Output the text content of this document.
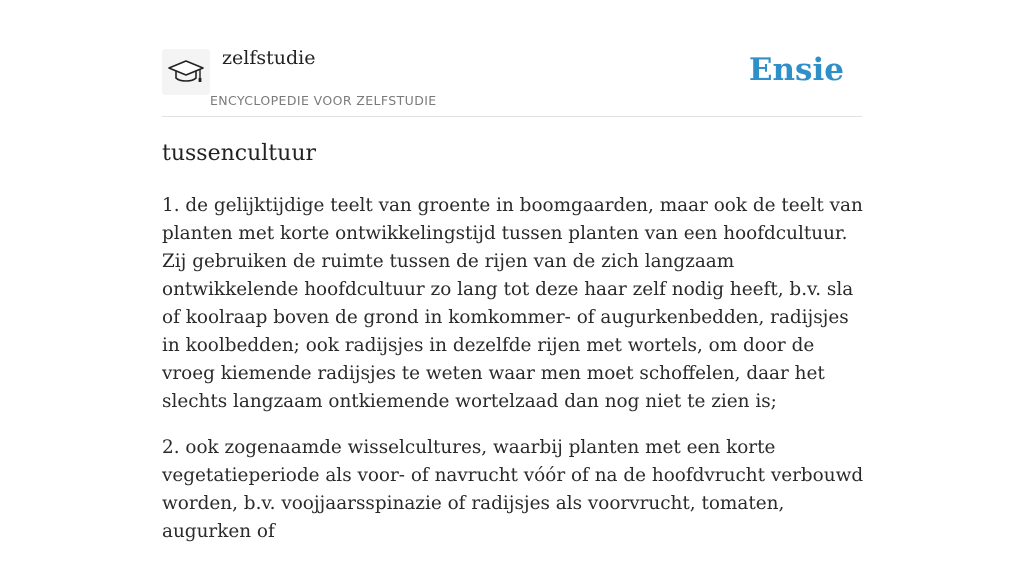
zelfstudie
ENCYCLOPEDIE VOOR ZELFSTUDIE
Ensie
tussencultuur

1. de gelijktijdige teelt van groente in boomgaarden, maar ook de teelt van planten met korte ontwikkelingstijd tussen planten van een hoofdcultuur. Zij gebruiken de ruimte tussen de rijen van de zich langzaam ontwikkelende hoofdcultuur zo lang tot deze haar zelf nodig heeft, b.v. sla of koolraap boven de grond in komkommer- of augurkenbedden, radijsjes in koolbedden; ook radijsjes in dezelfde rijen met wortels, om door de vroeg kiemende radijsjes te weten waar men moet schoffelen, daar het slechts langzaam ontkiemende wortelzaad dan nog niet te zien is;

2. ook zogenaamde wisselcultures, waarbij planten met een korte vegetatieperiode als voor- of navrucht vóór of na de hoofdvrucht verbouwd worden, b.v. voojjaarsspinazie of radijsjes als voorvrucht, tomaten, augurken of
